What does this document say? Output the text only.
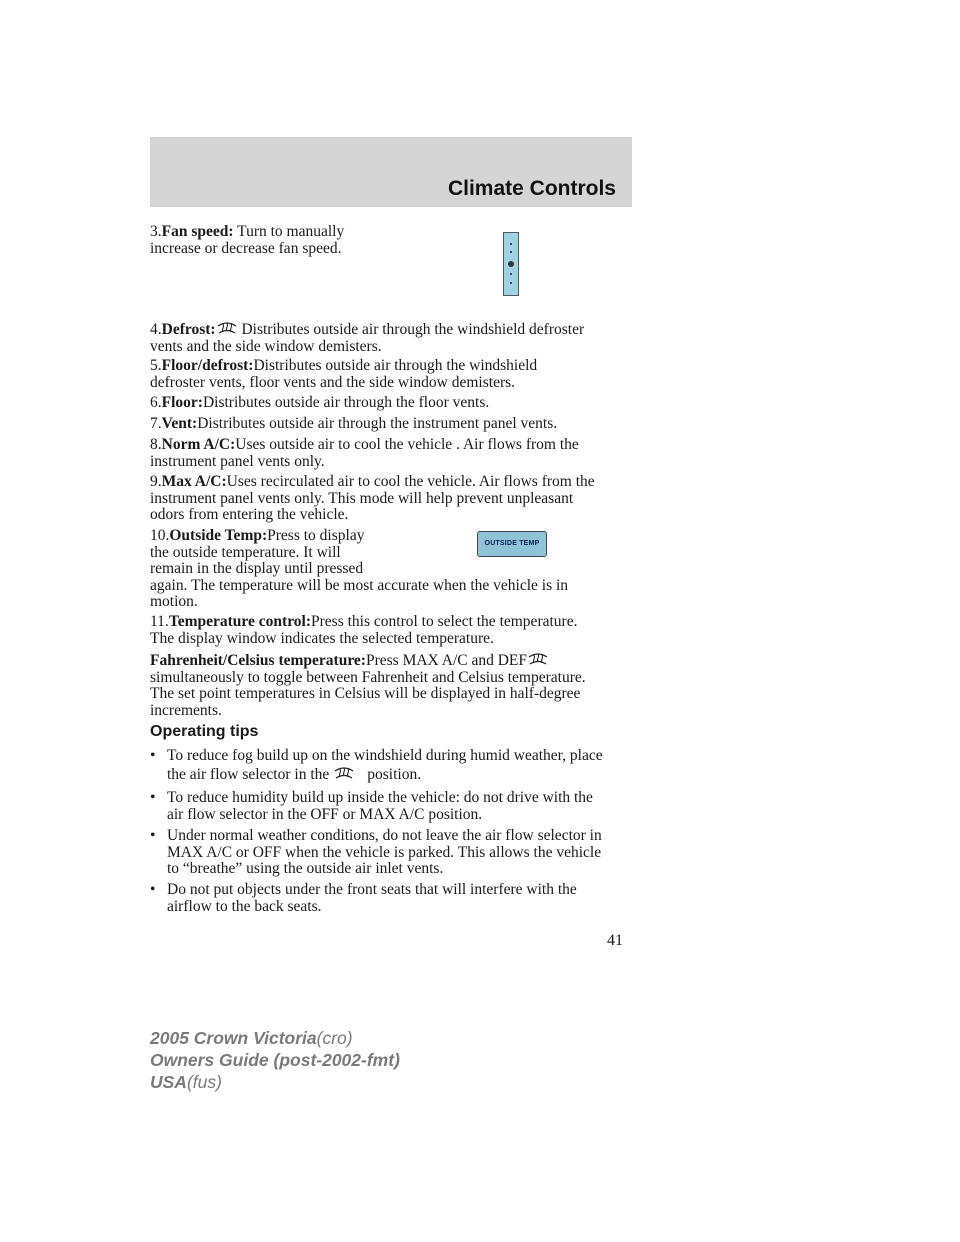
Climate Controls

3.Fan speed: Turn to manually
increase or decrease fan speed.

4.Defrost: Distributes outside air through the windshield defroster
vents and the side window demisters.

5.Floor/defrost:Distributes outside air through the windshield
defroster vents, floor vents and the side window demisters.

6.Floor:Distributes outside air through the floor vents.

7.Vent:Distributes outside air through the instrument panel vents.

8.Norm A/C:Uses outside air to cool the vehicle . Air flows from the
instrument panel vents only.

9.Max A/C:Uses recirculated air to cool the vehicle. Air flows from the
instrument panel vents only. This mode will help prevent unpleasant
odors from entering the vehicle.

10.Outside Temp:Press to display
the outside temperature. It will
remain in the display until pressed
again. The temperature will be most accurate when the vehicle is in
motion.

OUTSIDE TEMP

11.Temperature control:Press this control to select the temperature.
The display window indicates the selected temperature.

Fahrenheit/Celsius temperature:Press MAX A/C and DEF
simultaneously to toggle between Fahrenheit and Celsius temperature.
The set point temperatures in Celsius will be displayed in half-degree
increments.

Operating tips
• To reduce fog build up on the windshield during humid weather, place
the air flow selector in the position.
• To reduce humidity build up inside the vehicle: do not drive with the
air flow selector in the OFF or MAX A/C position.
• Under normal weather conditions, do not leave the air flow selector in
MAX A/C or OFF when the vehicle is parked. This allows the vehicle
to “breathe” using the outside air inlet vents.
• Do not put objects under the front seats that will interfere with the
airflow to the back seats.
41
2005 Crown Victoria(cro)
Owners Guide (post-2002-fmt)
USA(fus)
